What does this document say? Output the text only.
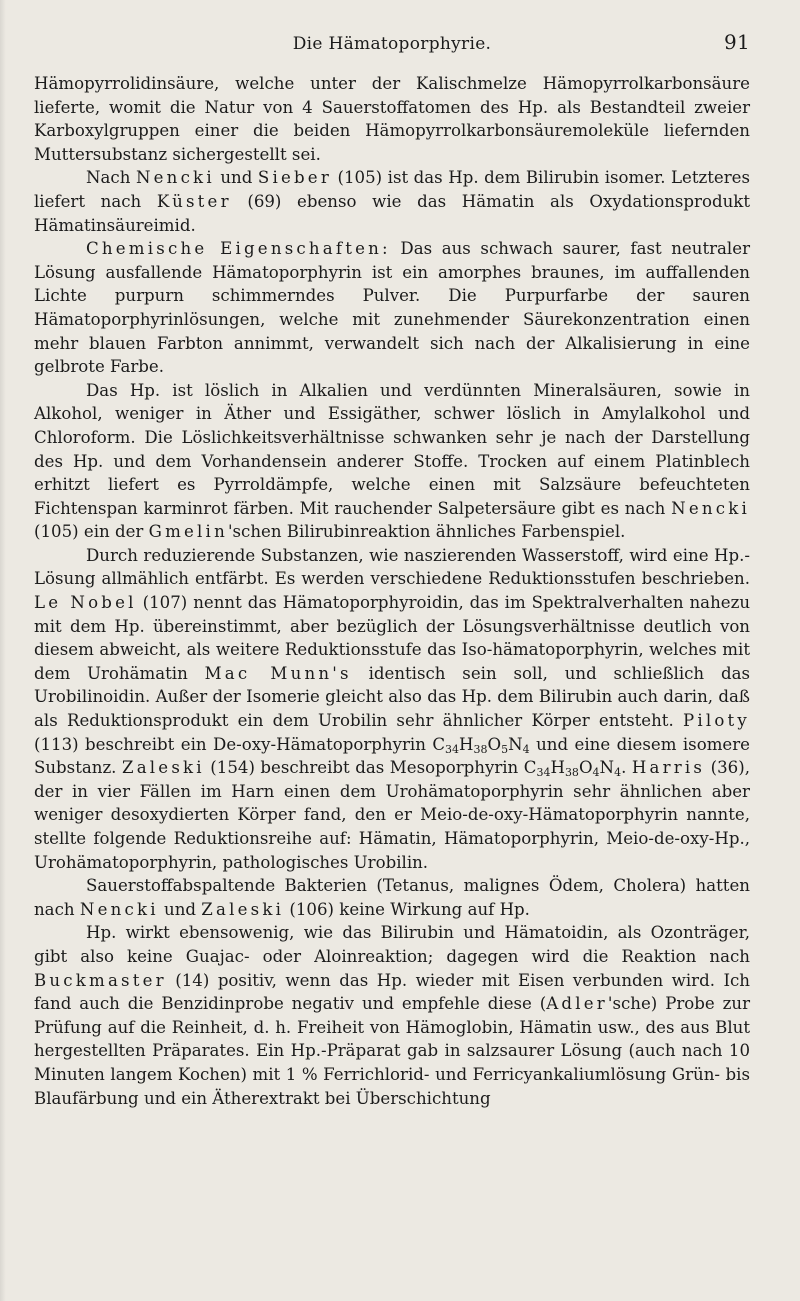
Die Hämatoporphyrie.	91

Hämopyrrolidinsäure, welche unter der Kalischmelze Hämopyrrolkarbonsäure lieferte, womit die Natur von 4 Sauerstoffatomen des Hp. als Bestandteil zweier Karboxylgruppen einer die beiden Hämopyrrolkarbonsäuremoleküle liefernden Muttersubstanz sichergestellt sei.

Nach Nencki und Sieber (105) ist das Hp. dem Bilirubin isomer. Letzteres liefert nach Küster (69) ebenso wie das Hämatin als Oxydationsprodukt Hämatinsäureimid.

Chemische Eigenschaften: Das aus schwach saurer, fast neutraler Lösung ausfallende Hämatoporphyrin ist ein amorphes braunes, im auffallenden Lichte purpurn schimmerndes Pulver. Die Purpurfarbe der sauren Hämatoporphyrinlösungen, welche mit zunehmender Säurekonzentration einen mehr blauen Farbton annimmt, verwandelt sich nach der Alkalisierung in eine gelbrote Farbe.

Das Hp. ist löslich in Alkalien und verdünnten Mineralsäuren, sowie in Alkohol, weniger in Äther und Essigäther, schwer löslich in Amylalkohol und Chloroform. Die Löslichkeitsverhältnisse schwanken sehr je nach der Darstellung des Hp. und dem Vorhandensein anderer Stoffe. Trocken auf einem Platinblech erhitzt liefert es Pyrroldämpfe, welche einen mit Salzsäure befeuchteten Fichtenspan karminrot färben. Mit rauchender Salpetersäure gibt es nach Nencki (105) ein der Gmelin'schen Bilirubinreaktion ähnliches Farbenspiel.

Durch reduzierende Substanzen, wie naszierenden Wasserstoff, wird eine Hp.-Lösung allmählich entfärbt. Es werden verschiedene Reduktionsstufen beschrieben. Le Nobel (107) nennt das Hämatoporphyroidin, das im Spektralverhalten nahezu mit dem Hp. übereinstimmt, aber bezüglich der Lösungsverhältnisse deutlich von diesem abweicht, als weitere Reduktionsstufe das Iso-hämatoporphyrin, welches mit dem Urohämatin Mac Munn's identisch sein soll, und schließlich das Urobilinoidin. Außer der Isomerie gleicht also das Hp. dem Bilirubin auch darin, daß als Reduktionsprodukt ein dem Urobilin sehr ähnlicher Körper entsteht. Piloty (113) beschreibt ein De-oxy-Hämatoporphyrin $C_{34}H_{38}O_5N_4$ und eine diesem isomere Substanz. Zaleski (154) beschreibt das Mesoporphyrin $C_{34}H_{38}O_4N_4$. Harris (36), der in vier Fällen im Harn einen dem Urohämatoporphyrin sehr ähnlichen aber weniger desoxydierten Körper fand, den er Meio-de-oxy-Hämatoporphyrin nannte, stellte folgende Reduktionsreihe auf: Hämatin, Hämatoporphyrin, Meio-de-oxy-Hp., Urohämatoporphyrin, pathologisches Urobilin.

Sauerstoffabspaltende Bakterien (Tetanus, malignes Ödem, Cholera) hatten nach Nencki und Zaleski (106) keine Wirkung auf Hp.

Hp. wirkt ebensowenig, wie das Bilirubin und Hämatoidin, als Ozonträger, gibt also keine Guajac- oder Aloinreaktion; dagegen wird die Reaktion nach Buckmaster (14) positiv, wenn das Hp. wieder mit Eisen verbunden wird. Ich fand auch die Benzidinprobe negativ und empfehle diese (Adler'sche) Probe zur Prüfung auf die Reinheit, d. h. Freiheit von Hämoglobin, Hämatin usw., des aus Blut hergestellten Präparates. Ein Hp.-Präparat gab in salzsaurer Lösung (auch nach 10 Minuten langem Kochen) mit 1 % Ferrichlorid- und Ferricyankaliumlösung Grün- bis Blaufärbung und ein Ätherextrakt bei Überschichtung
